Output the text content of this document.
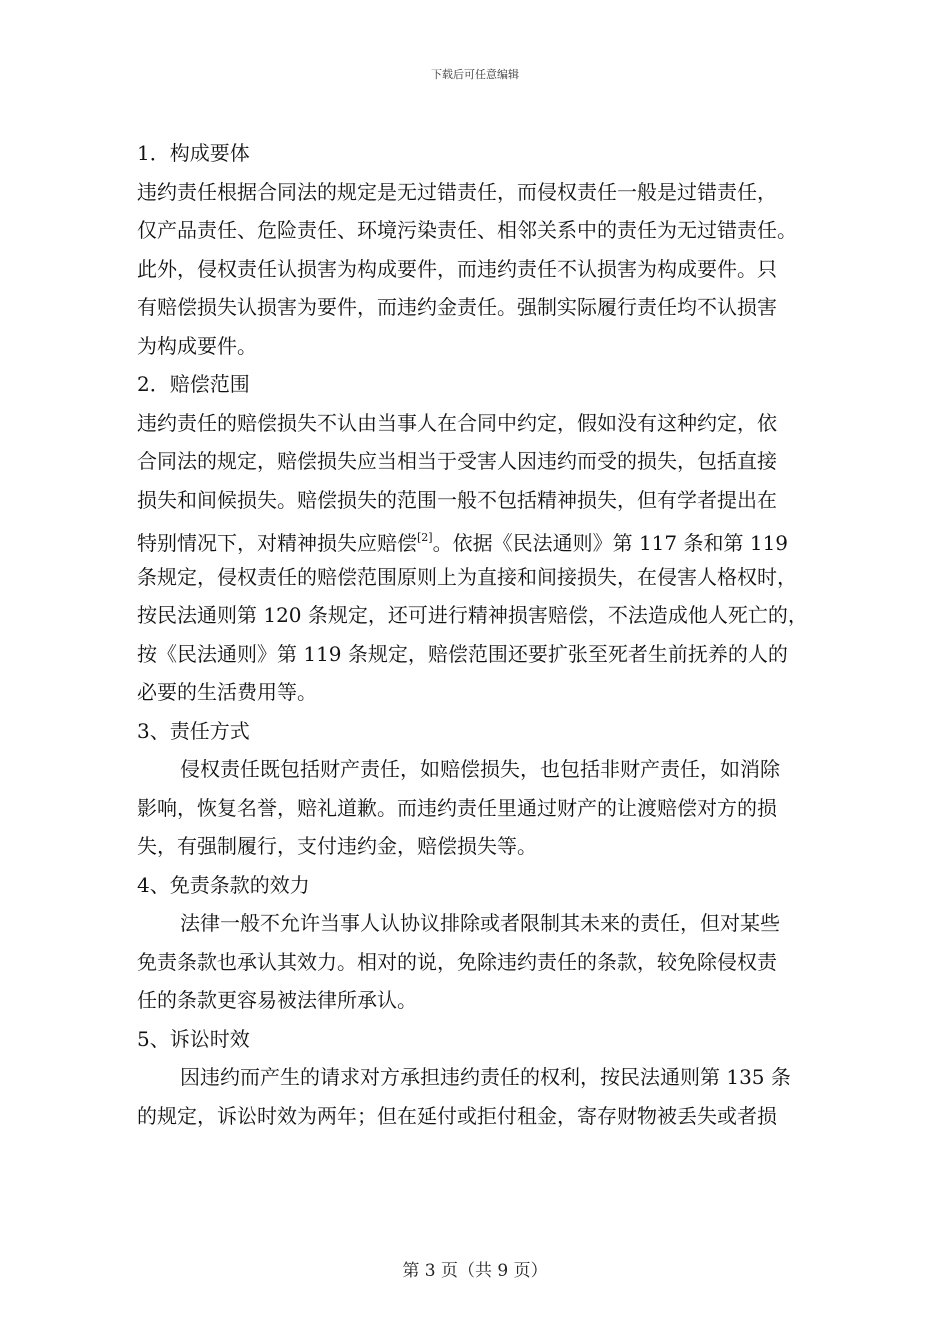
下载后可任意编辑

1．构成要体

违约责任根据合同法的规定是无过错责任，而侵权责任一般是过错责任，
仅产品责任、危险责任、环境污染责任、相邻关系中的责任为无过错责任。
此外，侵权责任认损害为构成要件，而违约责任不认损害为构成要件。只
有赔偿损失认损害为要件，而违约金责任。强制实际履行责任均不认损害
为构成要件。

2．赔偿范围

违约责任的赔偿损失不认由当事人在合同中约定，假如没有这种约定，依
合同法的规定，赔偿损失应当相当于受害人因违约而受的损失，包括直接
损失和间候损失。赔偿损失的范围一般不包括精神损失，但有学者提出在
特别情况下，对精神损失应赔偿[2]。依据《民法通则》第 117 条和第 119
条规定，侵权责任的赔偿范围原则上为直接和间接损失，在侵害人格权时，
按民法通则第 120 条规定，还可进行精神损害赔偿，不法造成他人死亡的，
按《民法通则》第 119 条规定，赔偿范围还要扩张至死者生前抚养的人的
必要的生活费用等。

3、责任方式

侵权责任既包括财产责任，如赔偿损失，也包括非财产责任，如消除
影响，恢复名誉，赔礼道歉。而违约责任里通过财产的让渡赔偿对方的损
失，有强制履行，支付违约金，赔偿损失等。

4、免责条款的效力

法律一般不允许当事人认协议排除或者限制其未来的责任，但对某些
免责条款也承认其效力。相对的说，免除违约责任的条款，较免除侵权责
任的条款更容易被法律所承认。

5、诉讼时效

因违约而产生的请求对方承担违约责任的权利，按民法通则第 135 条
的规定，诉讼时效为两年；但在延付或拒付租金，寄存财物被丢失或者损
第 3 页（共 9 页）
